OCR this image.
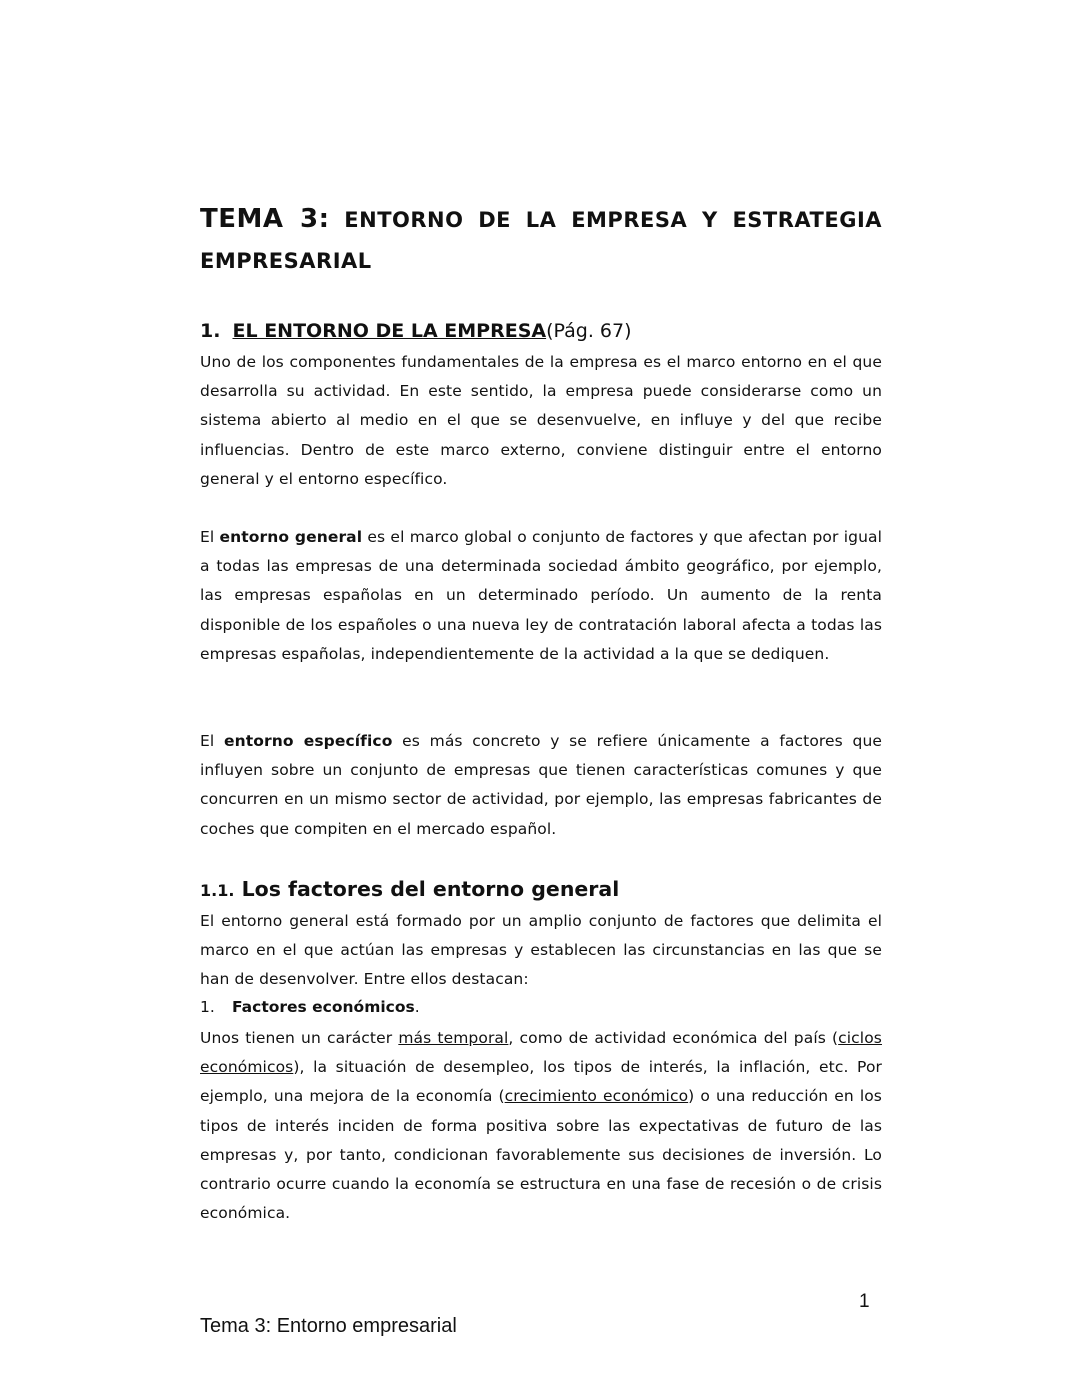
TEMA 3: ENTORNO DE LA EMPRESA Y ESTRATEGIA
EMPRESARIAL
1. EL ENTORNO DE LA EMPRESA(Pág. 67)
Uno de los componentes fundamentales de la empresa es el marco entorno en el que desarrolla su actividad. En este sentido, la empresa puede considerarse como un sistema abierto al medio en el que se desenvuelve, en influye y del que recibe influencias. Dentro de este marco externo, conviene distinguir entre el entorno general y el entorno específico.
El entorno general es el marco global o conjunto de factores y que afectan por igual a todas las empresas de una determinada sociedad ámbito geográfico, por ejemplo, las empresas españolas en un determinado período. Un aumento de la renta disponible de los españoles o una nueva ley de contratación laboral afecta a todas las empresas españolas, independientemente de la actividad a la que se dediquen.
El entorno específico es más concreto y se refiere únicamente a factores que influyen sobre un conjunto de empresas que tienen características comunes y que concurren en un mismo sector de actividad, por ejemplo, las empresas fabricantes de coches que compiten en el mercado español.
1.1. Los factores del entorno general
El entorno general está formado por un amplio conjunto de factores que delimita el marco en el que actúan las empresas y establecen las circunstancias en las que se han de desenvolver. Entre ellos destacan:
1. Factores económicos.
Unos tienen un carácter más temporal, como de actividad económica del país (ciclos económicos), la situación de desempleo, los tipos de interés, la inflación, etc. Por ejemplo, una mejora de la economía (crecimiento económico) o una reducción en los tipos de interés inciden de forma positiva sobre las expectativas de futuro de las empresas y, por tanto, condicionan favorablemente sus decisiones de inversión. Lo contrario ocurre cuando la economía se estructura en una fase de recesión o de crisis económica.
1
Tema 3: Entorno empresarial
